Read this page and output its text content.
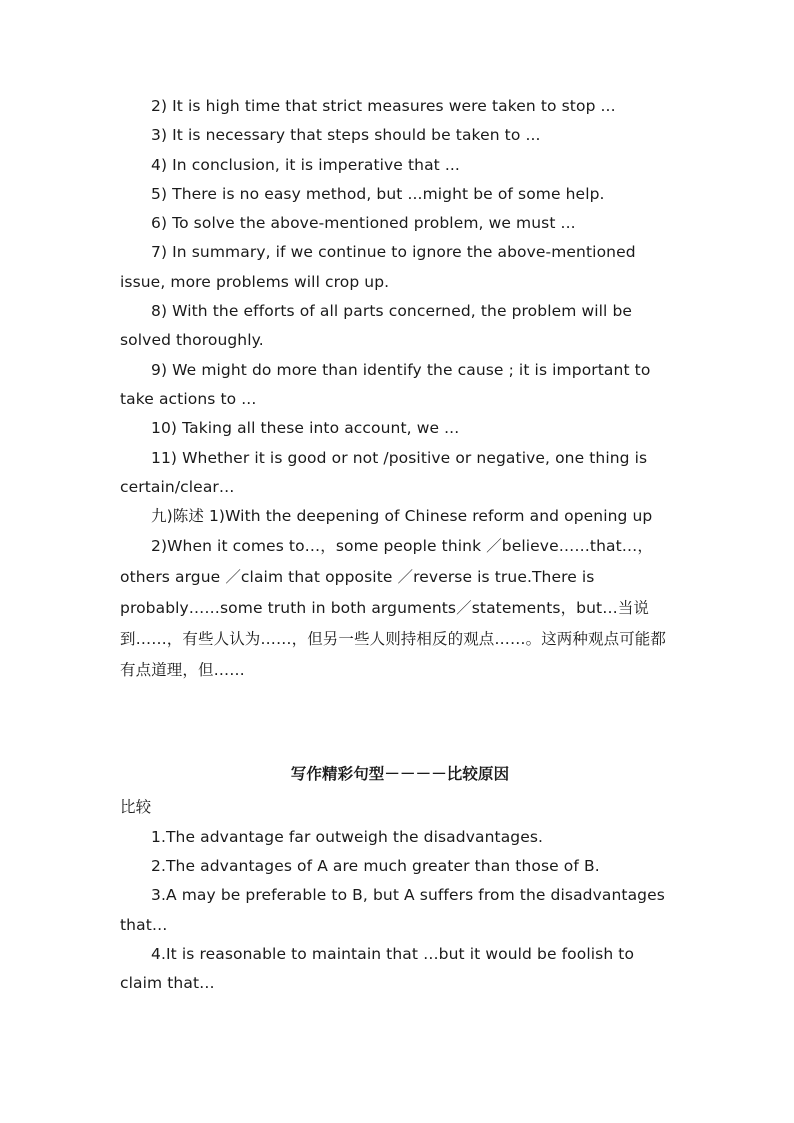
2) It is high time that strict measures were taken to stop ...

3) It is necessary that steps should be taken to ...

4) In conclusion, it is imperative that ...

5) There is no easy method, but ...might be of some help.

6) To solve the above-mentioned problem, we must ...

7) In summary, if we continue to ignore the above-mentioned issue, more problems will crop up.

8) With the efforts of all parts concerned, the problem will be solved thoroughly.

9) We might do more than identify the cause ; it is important to take actions to ...

10) Taking all these into account, we ...

11) Whether it is good or not /positive or negative, one thing is certain/clear…

九)陈述 1)With the deepening of Chinese reform and opening up

2)When it comes to…，some people think ／believe……that…，others argue ／claim that opposite ／reverse is true.There is probably……some truth in both arguments／statements，but…当说到……，有些人认为……，但另一些人则持相反的观点……。这两种观点可能都有点道理，但……

写作精彩句型－－－－比较原因

比较

1.The advantage far outweigh the disadvantages.

2.The advantages of A are much greater than those of B.

3.A may be preferable to B, but A suffers from the disadvantages that…

4.It is reasonable to maintain that …but it would be foolish to claim that…
